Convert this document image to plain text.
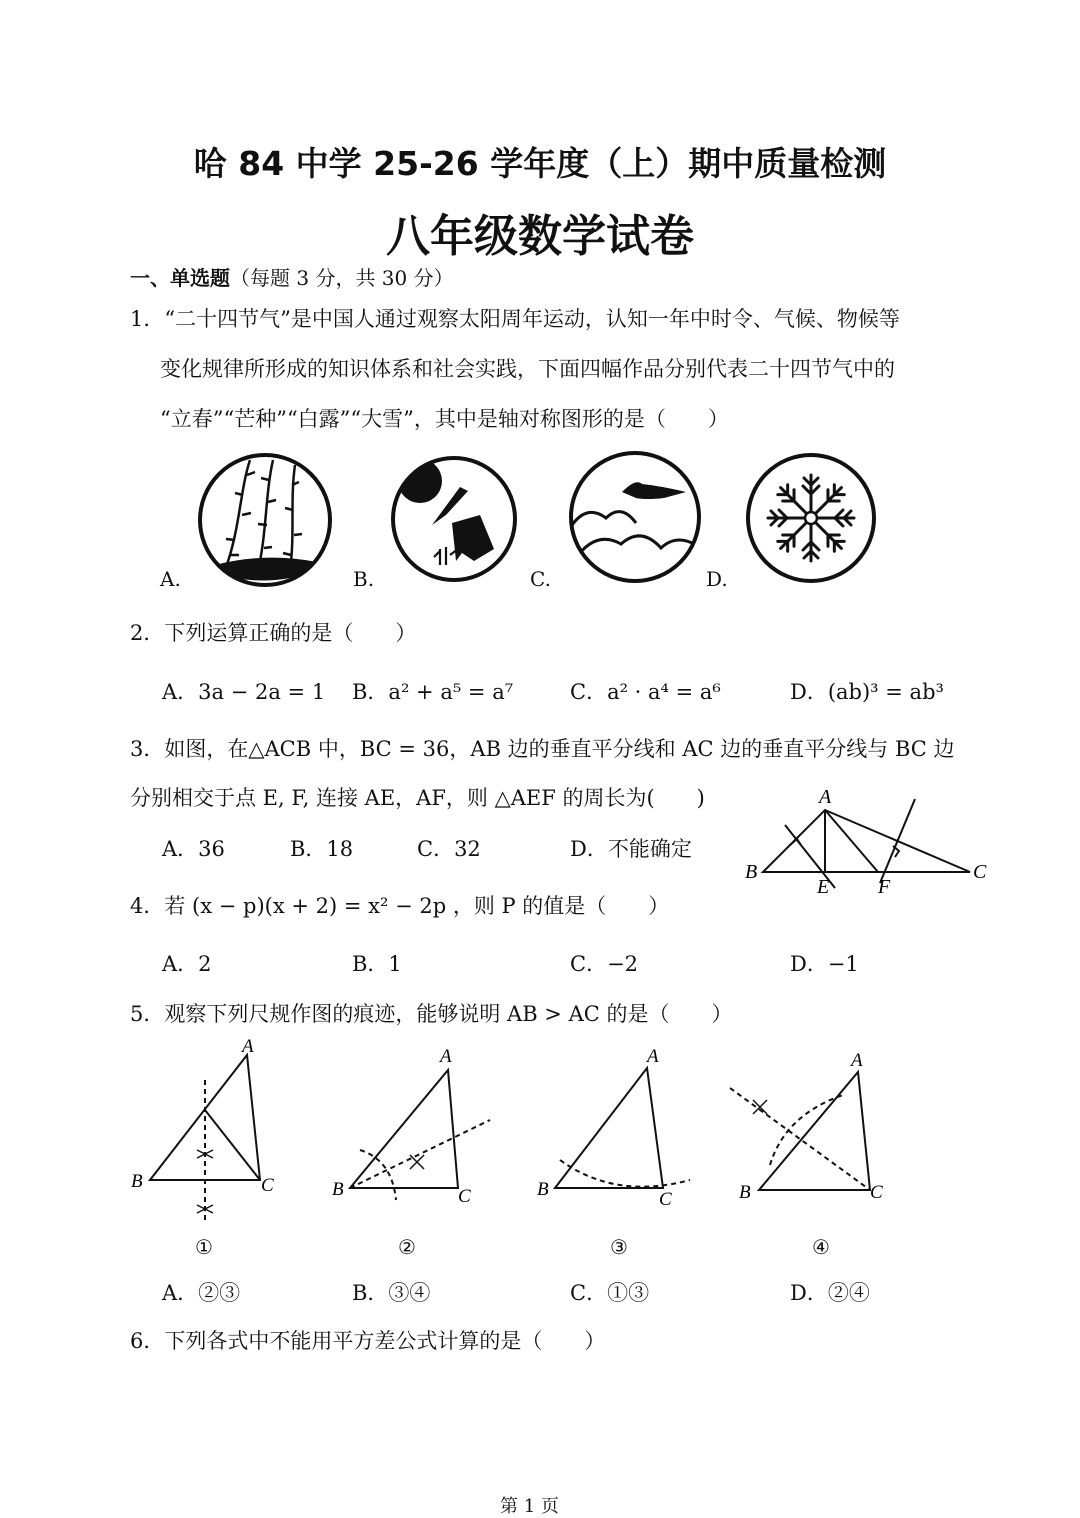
哈 84 中学 25-26 学年度（上）期中质量检测
八年级数学试卷
一、单选题（每题 3 分，共 30 分）
1．“二十四节气”是中国人通过观察太阳周年运动，认知一年中时令、气候、物候等
变化规律所形成的知识体系和社会实践，下面四幅作品分别代表二十四节气中的
“立春”“芒种”“白露”“大雪”，其中是轴对称图形的是（　　）
A.	B.	C.	D.
2．下列运算正确的是（　　）
A．3a − 2a = 1 B．a² + a⁵ = a⁷	C．a² · a⁴ = a⁶	D．(ab)³ = ab³
3．如图，在△ACB 中，BC = 36，AB 边的垂直平分线和 AC 边的垂直平分线与 BC 边
分别相交于点 E, F, 连接 AE，AF，则 △AEF 的周长为(　　)
A．36	B．18	C．32	D．不能确定
A
B	C
E F
4．若 (x − p)(x + 2) = x² − 2p ，则 P 的值是（　　）
A．2	B．1	C．−2	D．−1
5．观察下列尺规作图的痕迹，能够说明 AB > AC 的是（　　）
A
B	C
①
A
B	C
②
A
B	C
③
A
B	C
④
A．②③	B．③④	C．①③	D．②④
6．下列各式中不能用平方差公式计算的是（　　）
第 1 页
